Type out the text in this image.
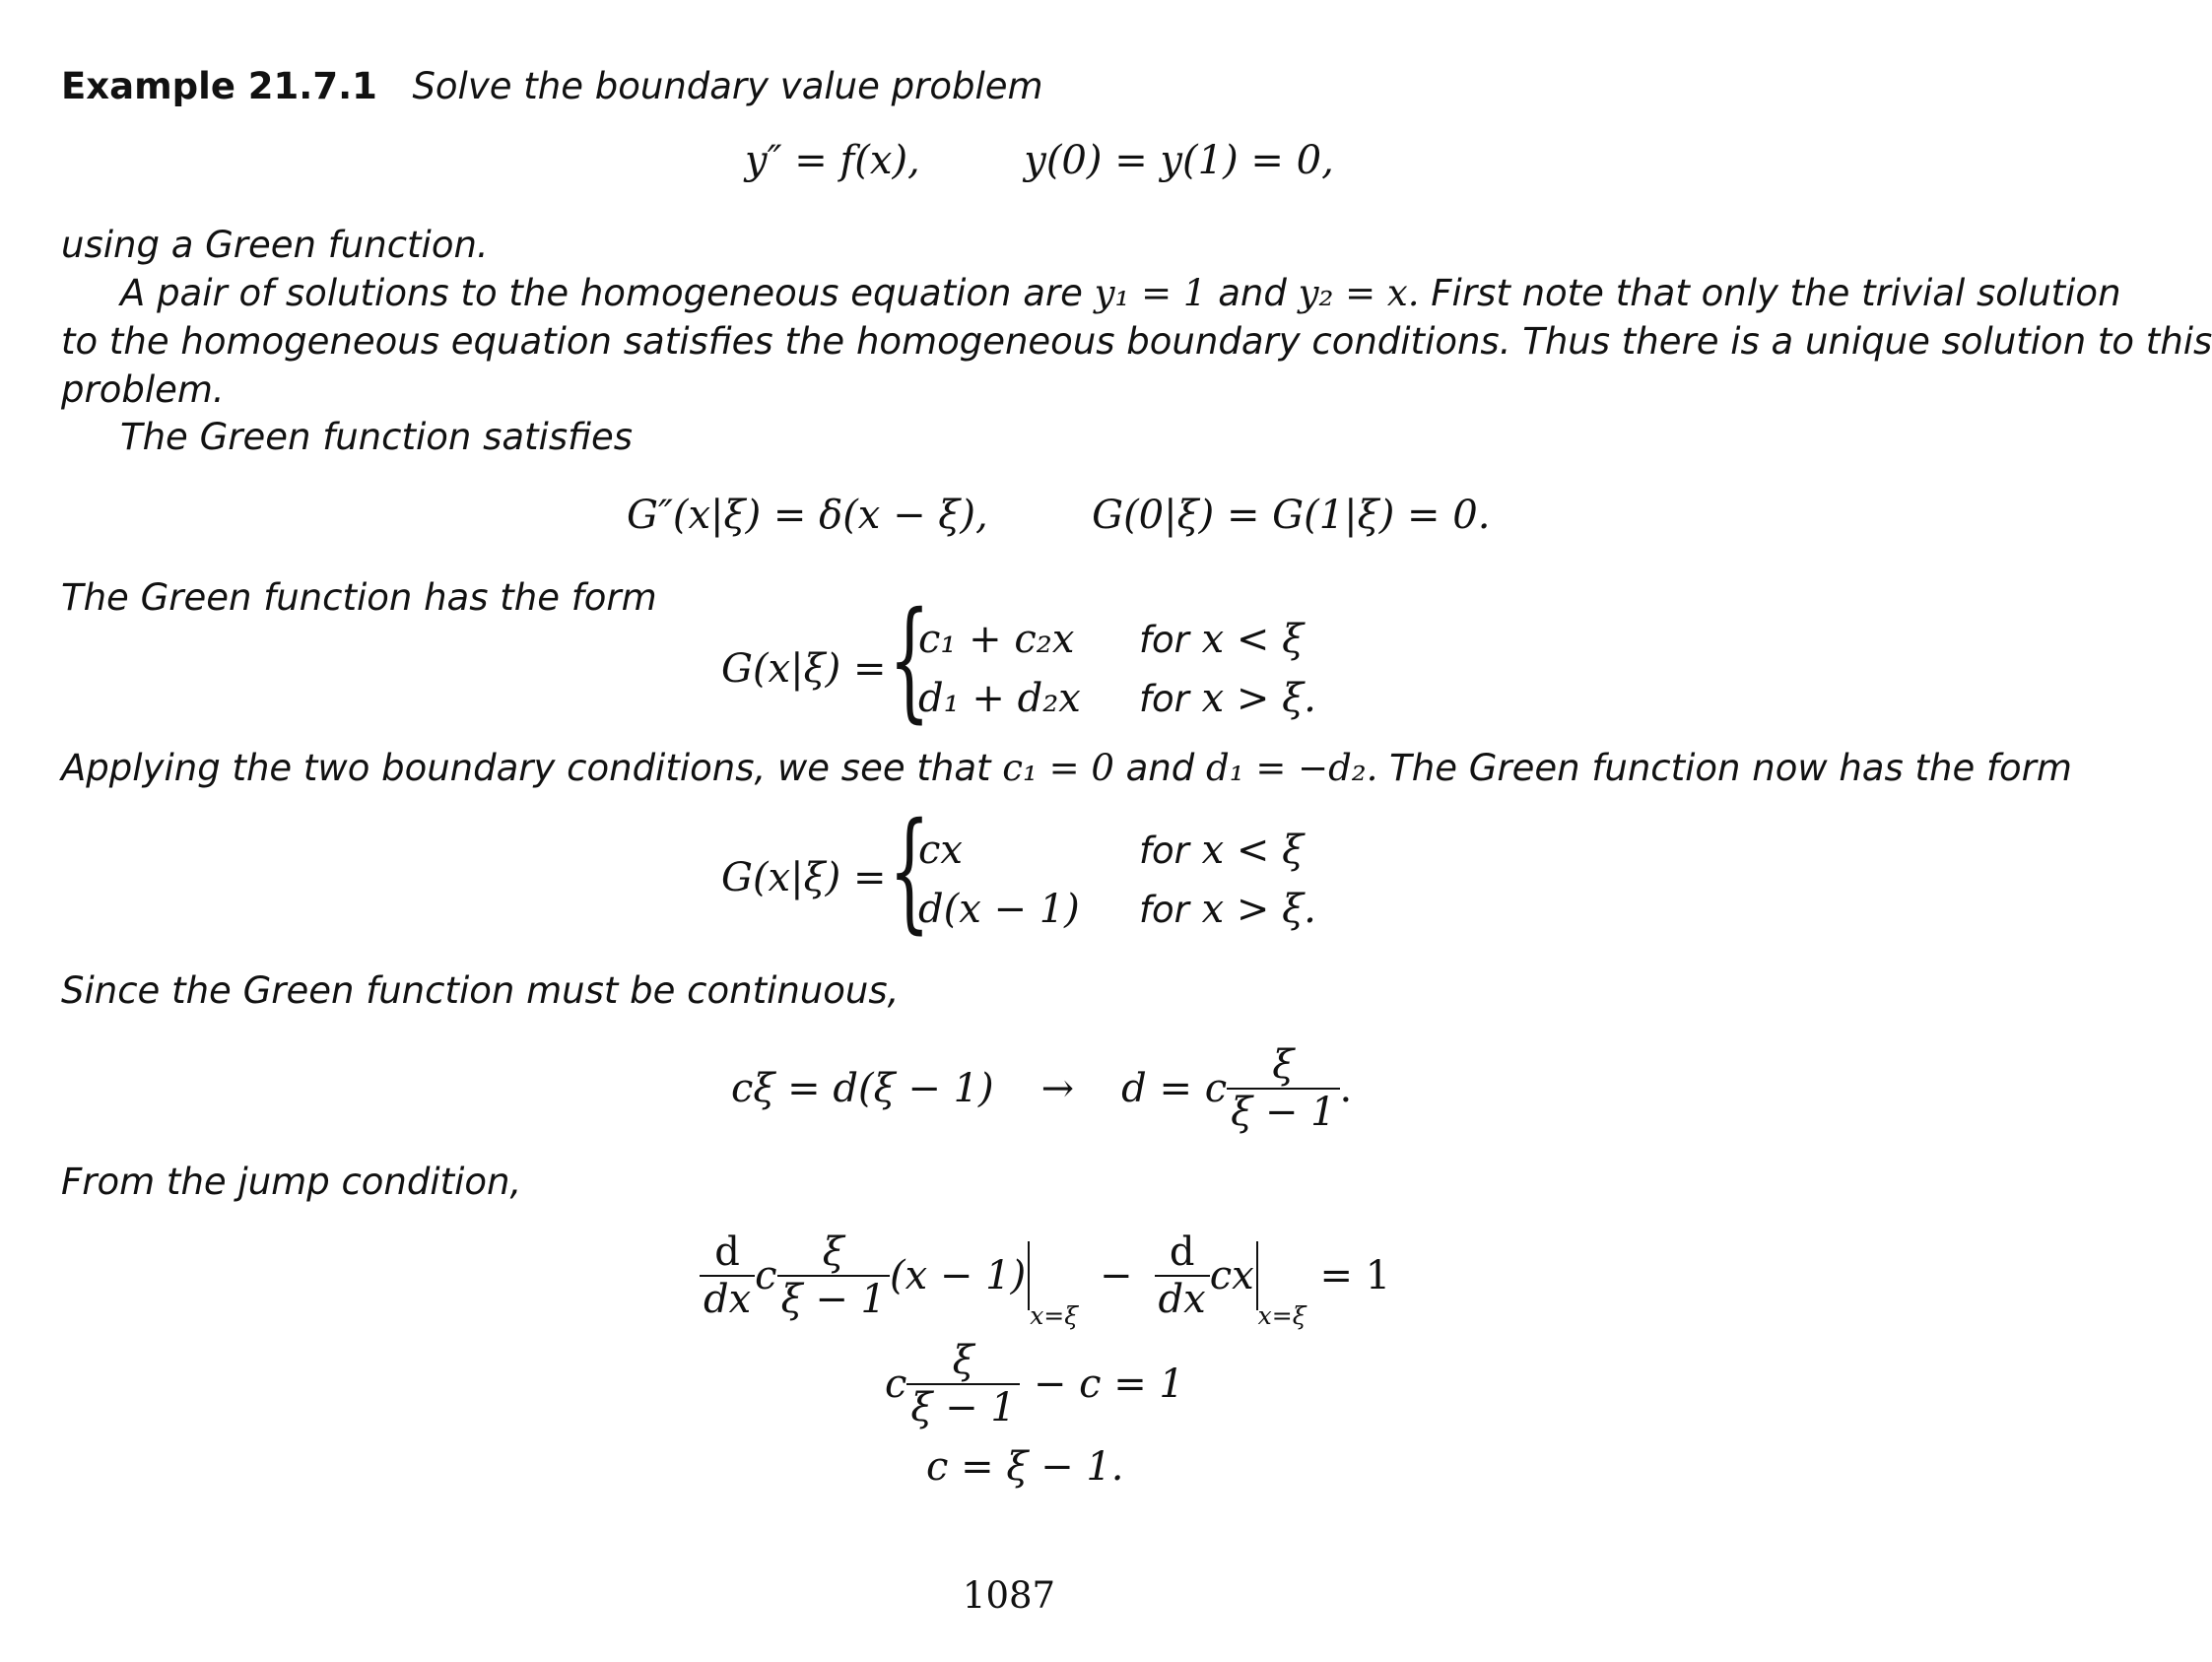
Example 21.7.1 Solve the boundary value problem
y″ = f(x),	y(0) = y(1) = 0,
using a Green function.
A pair of solutions to the homogeneous equation are y₁ = 1 and y₂ = x. First note that only the trivial solution
to the homogeneous equation satisfies the homogeneous boundary conditions. Thus there is a unique solution to this
problem.
The Green function satisfies
G″(x|ξ) = δ(x − ξ),	G(0|ξ) = G(1|ξ) = 0.
The Green function has the form
G(x|ξ) = {
c₁ + c₂x for x < ξ
d₁ + d₂x for x > ξ.
Applying the two boundary conditions, we see that c₁ = 0 and d₁ = −d₂. The Green function now has the form
G(x|ξ) = {
cx	for x < ξ
d(x − 1) for x > ξ.
Since the Green function must be continuous,
cξ = d(ξ − 1) → d = c $\frac{\xi}{\xi - 1}$ .
From the jump condition,
$\frac{d}{dx}$ c $\frac{\xi}{\xi - 1} (x - 1)$
x=ξ
− $\frac{d}{dx}$ cx
x=ξ
= 1
c $\frac{\xi}{\xi - 1} - c = 1$
c = ξ − 1.
1087
